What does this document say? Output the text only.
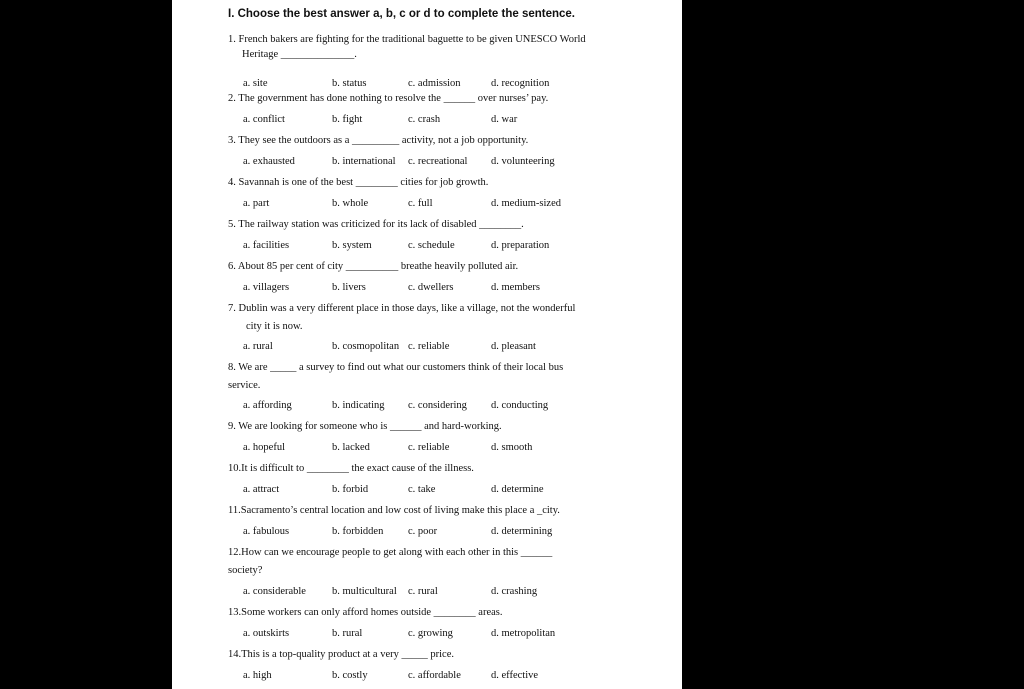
I. Choose the best answer a, b, c or d to complete the sentence.
1. French bakers are fighting for the traditional baguette to be given UNESCO World
Heritage ______________.
a. site	b. status	c. admission	d. recognition
2. The government has done nothing to resolve the ______ over nurses’ pay.
a. conflict	b. fight	c. crash	d. war
3. They see the outdoors as a _________ activity, not a job opportunity.
a. exhausted	b. international c. recreational d. volunteering
4. Savannah is one of the best ________ cities for job growth.
a. part	b. whole	c. full	d. medium-sized
5. The railway station was criticized for its lack of disabled ________.
a. facilities	b. system	c. schedule	d. preparation
6. About 85 per cent of city __________ breathe heavily polluted air.
a. villagers	b. livers	c. dwellers	d. members
7. Dublin was a very different place in those days, like a village, not the wonderful
city it is now.
a. rural	b. cosmopolitan c. reliable	d. pleasant
8. We are _____ a survey to find out what our customers think of their local bus
service.
a. affording	b. indicating c. considering d. conducting
9. We are looking for someone who is ______ and hard-working.
a. hopeful	b. lacked	c. reliable	d. smooth
10.It is difficult to ________ the exact cause of the illness.
a. attract	b. forbid	c. take	d. determine
11.Sacramento’s central location and low cost of living make this place a _city.
a. fabulous	b. forbidden c. poor	d. determining
12.How can we encourage people to get along with each other in this ______
society?
a. considerable b. multicultural c. rural	d. crashing
13.Some workers can only afford homes outside ________ areas.
a. outskirts	b. rural	c. growing	d. metropolitan
14.This is a top-quality product at a very _____ price.
a. high	b. costly	c. affordable	d. effective
